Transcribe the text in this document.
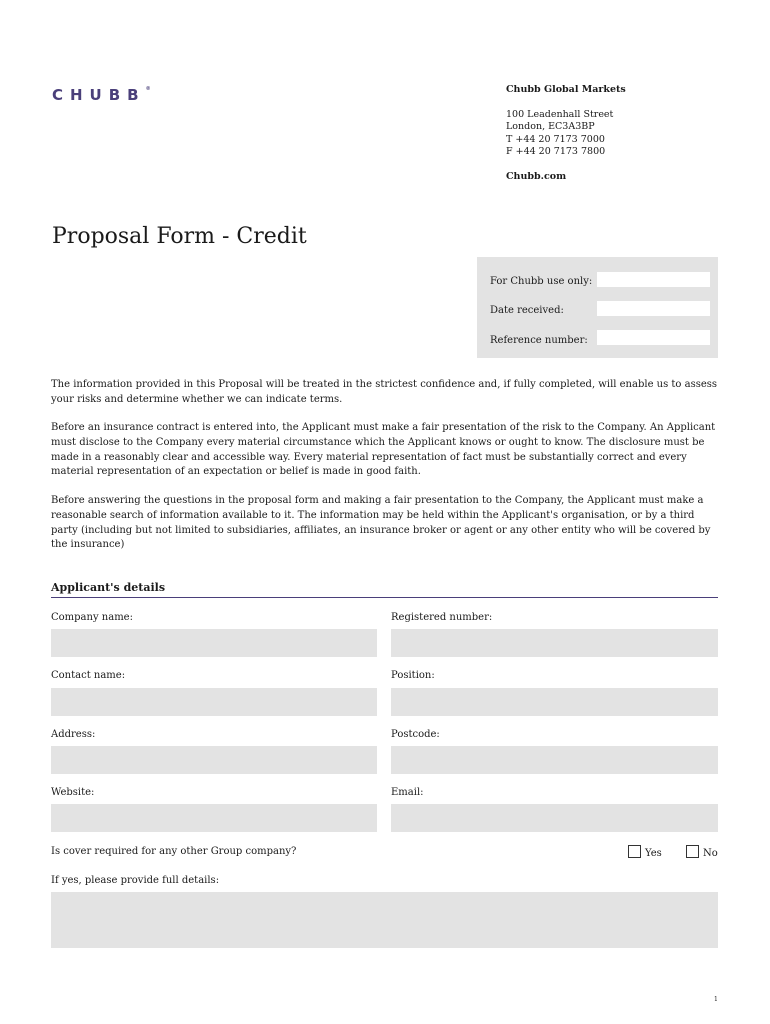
CHUBB®	Chubb Global Markets
100 Leadenhall Street
London, EC3A3BP
T +44 20 7173 7000
F +44 20 7173 7800
Chubb.com
Proposal Form - Credit
For Chubb use only:
Date received:
Reference number:
The information provided in this Proposal will be treated in the strictest confidence and, if fully completed, will enable us to assess your risks and determine whether we can indicate terms.
Before an insurance contract is entered into, the Applicant must make a fair presentation of the risk to the Company. An Applicant must disclose to the Company every material circumstance which the Applicant knows or ought to know. The disclosure must be made in a reasonably clear and accessible way. Every material representation of fact must be substantially correct and every material representation of an expectation or belief is made in good faith.
Before answering the questions in the proposal form and making a fair presentation to the Company, the Applicant must make a reasonable search of information available to it. The information may be held within the Applicant's organisation, or by a third party (including but not limited to subsidiaries, affiliates, an insurance broker or agent or any other entity who will be covered by the insurance)
Applicant's details
Company name:	Registered number:
Contact name:	Position:
Address:	Postcode:
Website:	Email:
Is cover required for any other Group company?	Yes	No
If yes, please provide full details:
1
